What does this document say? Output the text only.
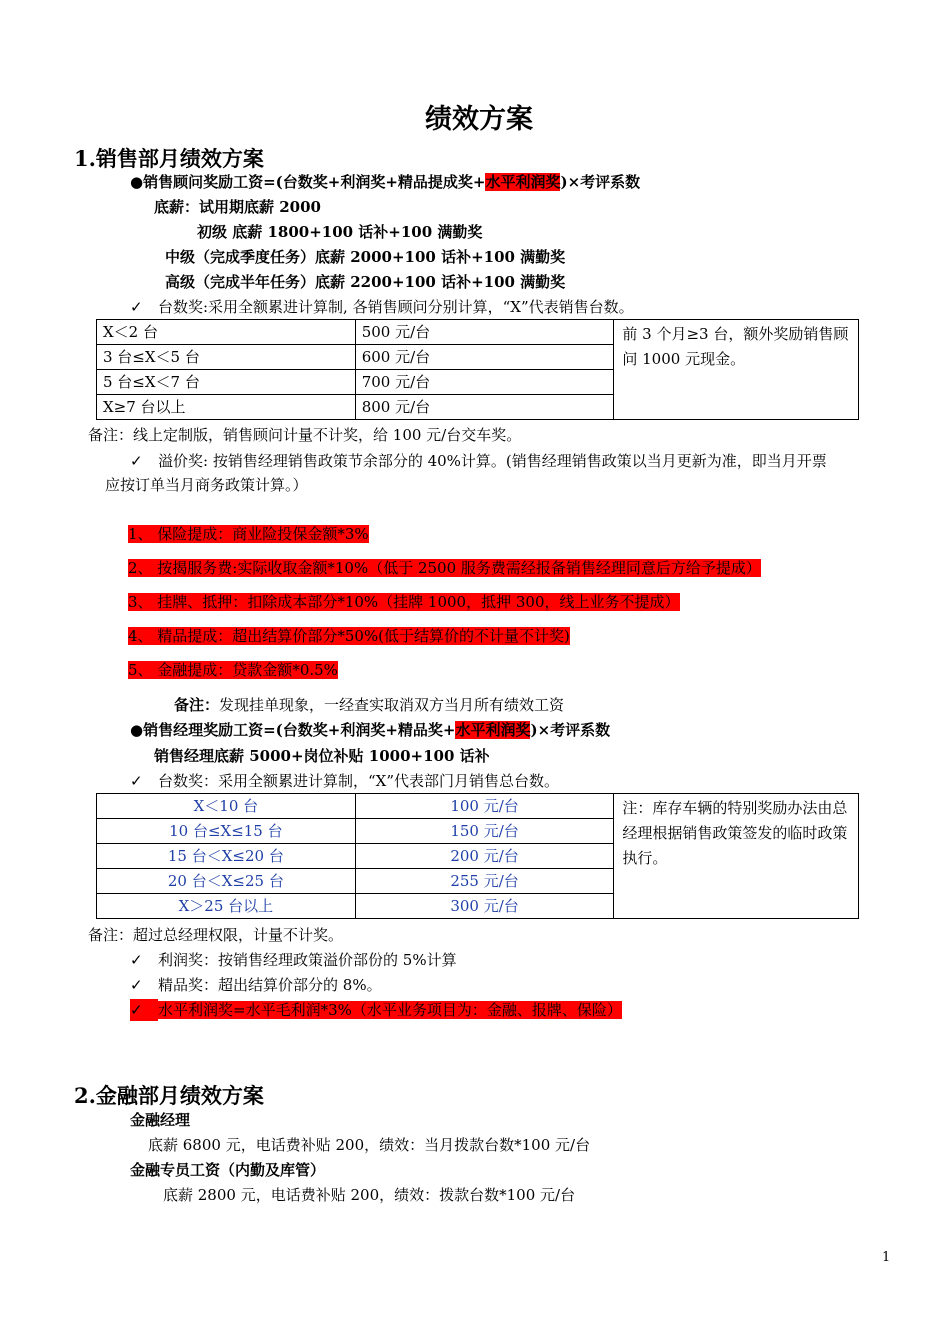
绩效方案
1.销售部月绩效方案
●销售顾问奖励工资=(台数奖+利润奖+精品提成奖+水平利润奖)×考评系数
底薪：试用期底薪 2000
初级 底薪 1800+100 话补+100 满勤奖
中级（完成季度任务）底薪 2000+100 话补+100 满勤奖
高级（完成半年任务）底薪 2200+100 话补+100 满勤奖
✓ 台数奖:采用全额累进计算制, 各销售顾问分别计算，“X”代表销售台数。
X＜2 台	500 元/台	前 3 个月≥3 台，额外奖励销售顾问 1000 元现金。
3 台≤X＜5 台	600 元/台	
5 台≤X＜7 台	700 元/台	
X≥7 台以上	800 元/台	
备注：线上定制版，销售顾问计量不计奖，给 100 元/台交车奖。
✓ 溢价奖: 按销售经理销售政策节余部分的 40%计算。(销售经理销售政策以当月更新为准，即当月开票
应按订单当月商务政策计算。）
1、 保险提成：商业险投保金额*3%
2、 按揭服务费:实际收取金额*10%（低于 2500 服务费需经报备销售经理同意后方给予提成）
3、 挂牌、抵押：扣除成本部分*10%（挂牌 1000，抵押 300，线上业务不提成）
4、 精品提成：超出结算价部分*50%(低于结算价的不计量不计奖)
5、 金融提成：贷款金额*0.5%
备注：发现挂单现象，一经查实取消双方当月所有绩效工资
●销售经理奖励工资=(台数奖+利润奖+精品奖+水平利润奖)×考评系数
销售经理底薪 5000+岗位补贴 1000+100 话补
✓ 台数奖：采用全额累进计算制，“X”代表部门月销售总台数。
X＜10 台	100 元/台	注：库存车辆的特别奖励办法由总经理根据销售政策签发的临时政策执行。
10 台≤X≤15 台	150 元/台	
15 台＜X≤20 台	200 元/台	
20 台＜X≤25 台	255 元/台	
X＞25 台以上	300 元/台	
备注：超过总经理权限，计量不计奖。
✓ 利润奖：按销售经理政策溢价部份的 5%计算
✓ 精品奖：超出结算价部分的 8%。
✓ 水平利润奖=水平毛利润*3%（水平业务项目为：金融、报牌、保险）
2.金融部月绩效方案
金融经理
底薪 6800 元，电话费补贴 200，绩效：当月拨款台数*100 元/台
金融专员工资（内勤及库管）
底薪 2800 元，电话费补贴 200，绩效：拨款台数*100 元/台
1
